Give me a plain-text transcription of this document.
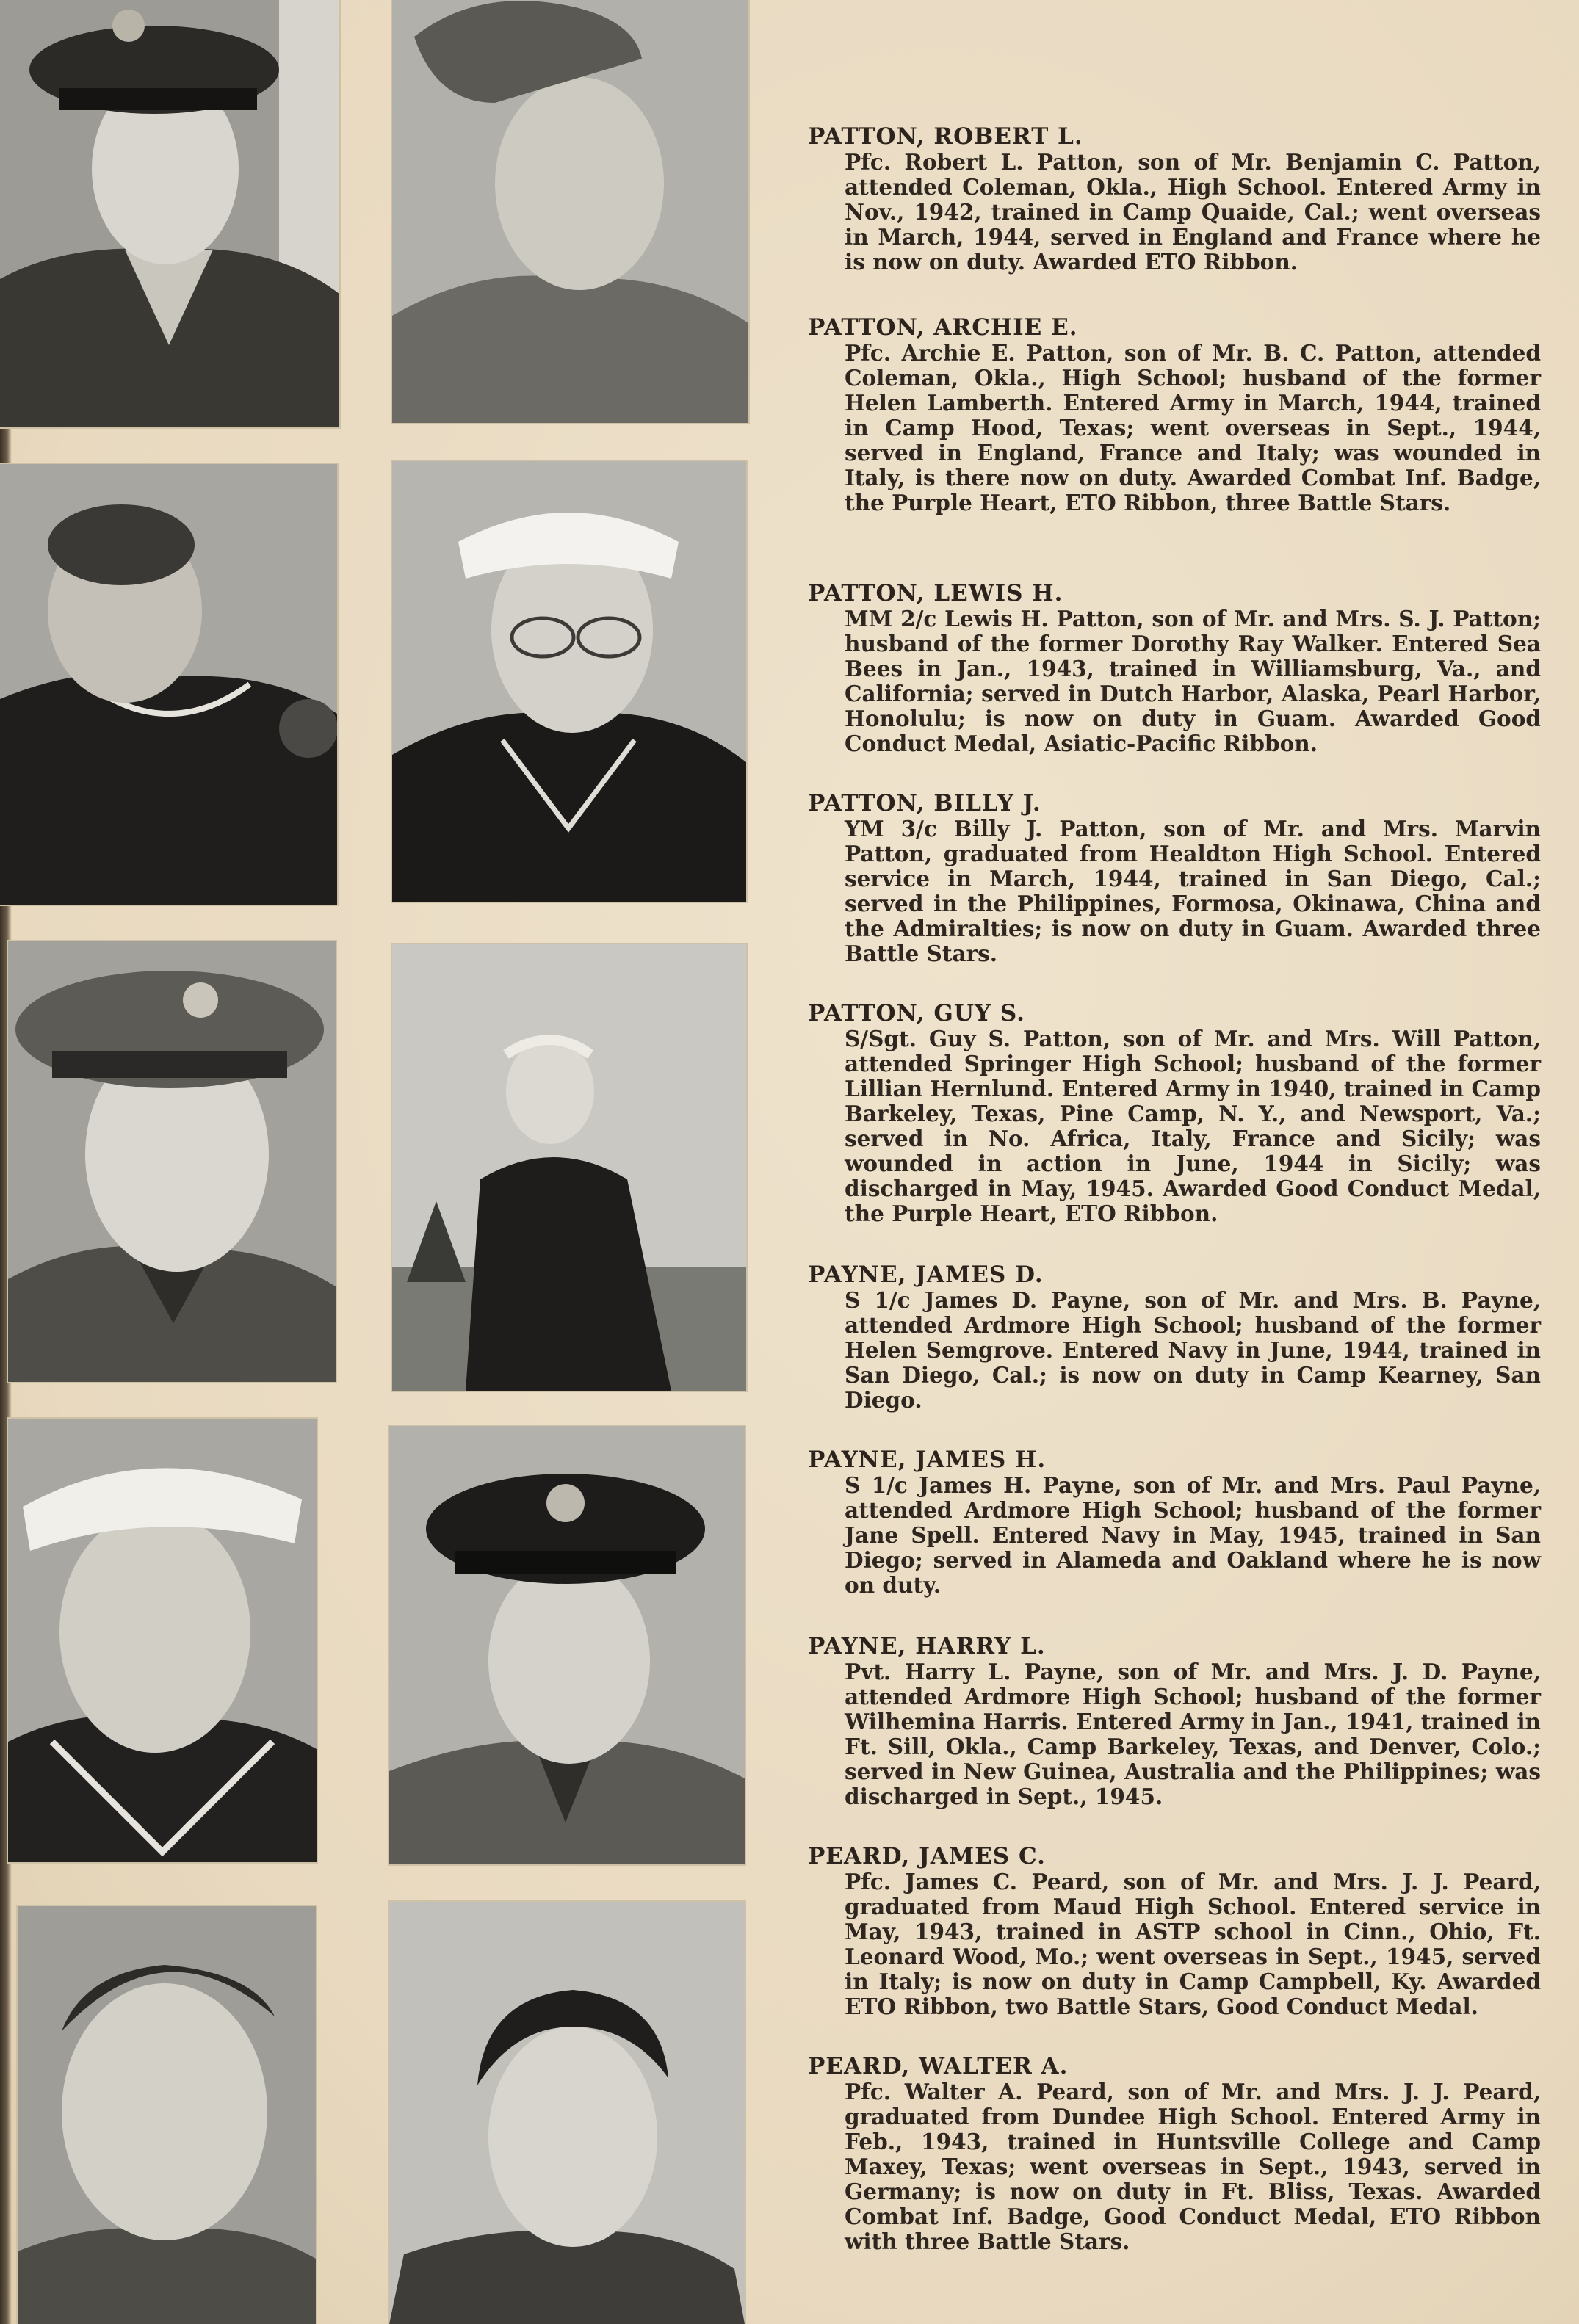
PATTON, ROBERT L.

Pfc. Robert L. Patton, son of Mr. Benjamin C. Patton, attended Coleman, Okla., High School. Entered Army in Nov., 1942, trained in Camp Quaide, Cal.; went overseas in March, 1944, served in England and France where he is now on duty. Awarded ETO Ribbon.

PATTON, ARCHIE E.

Pfc. Archie E. Patton, son of Mr. B. C. Patton, attended Coleman, Okla., High School; husband of the former Helen Lamberth. Entered Army in March, 1944, trained in Camp Hood, Texas; went overseas in Sept., 1944, served in England, France and Italy; was wounded in Italy, is there now on duty. Awarded Combat Inf. Badge, the Purple Heart, ETO Ribbon, three Battle Stars.

PATTON, LEWIS H.

MM 2/c Lewis H. Patton, son of Mr. and Mrs. S. J. Patton; husband of the former Dorothy Ray Walker. Entered Sea Bees in Jan., 1943, trained in Williamsburg, Va., and California; served in Dutch Harbor, Alaska, Pearl Harbor, Honolulu; is now on duty in Guam. Awarded Good Conduct Medal, Asiatic-Pacific Ribbon.

PATTON, BILLY J.

YM 3/c Billy J. Patton, son of Mr. and Mrs. Marvin Patton, graduated from Healdton High School. Entered service in March, 1944, trained in San Diego, Cal.; served in the Philippines, Formosa, Okinawa, China and the Admiralties; is now on duty in Guam. Awarded three Battle Stars.

PATTON, GUY S.

S/Sgt. Guy S. Patton, son of Mr. and Mrs. Will Patton, attended Springer High School; husband of the former Lillian Hernlund. Entered Army in 1940, trained in Camp Barkeley, Texas, Pine Camp, N. Y., and Newsport, Va.; served in No. Africa, Italy, France and Sicily; was wounded in action in June, 1944 in Sicily; was discharged in May, 1945. Awarded Good Conduct Medal, the Purple Heart, ETO Ribbon.

PAYNE, JAMES D.

S 1/c James D. Payne, son of Mr. and Mrs. B. Payne, attended Ardmore High School; husband of the former Helen Semgrove. Entered Navy in June, 1944, trained in San Diego, Cal.; is now on duty in Camp Kearney, San Diego.

PAYNE, JAMES H.

S 1/c James H. Payne, son of Mr. and Mrs. Paul Payne, attended Ardmore High School; husband of the former Jane Spell. Entered Navy in May, 1945, trained in San Diego; served in Alameda and Oakland where he is now on duty.

PAYNE, HARRY L.

Pvt. Harry L. Payne, son of Mr. and Mrs. J. D. Payne, attended Ardmore High School; husband of the former Wilhemina Harris. Entered Army in Jan., 1941, trained in Ft. Sill, Okla., Camp Barkeley, Texas, and Denver, Colo.; served in New Guinea, Australia and the Philippines; was discharged in Sept., 1945.

PEARD, JAMES C.

Pfc. James C. Peard, son of Mr. and Mrs. J. J. Peard, graduated from Maud High School. Entered service in May, 1943, trained in ASTP school in Cinn., Ohio, Ft. Leonard Wood, Mo.; went overseas in Sept., 1945, served in Italy; is now on duty in Camp Campbell, Ky. Awarded ETO Ribbon, two Battle Stars, Good Conduct Medal.

PEARD, WALTER A.

Pfc. Walter A. Peard, son of Mr. and Mrs. J. J. Peard, graduated from Dundee High School. Entered Army in Feb., 1943, trained in Huntsville College and Camp Maxey, Texas; went overseas in Sept., 1943, served in Germany; is now on duty in Ft. Bliss, Texas. Awarded Combat Inf. Badge, Good Conduct Medal, ETO Ribbon with three Battle Stars.
